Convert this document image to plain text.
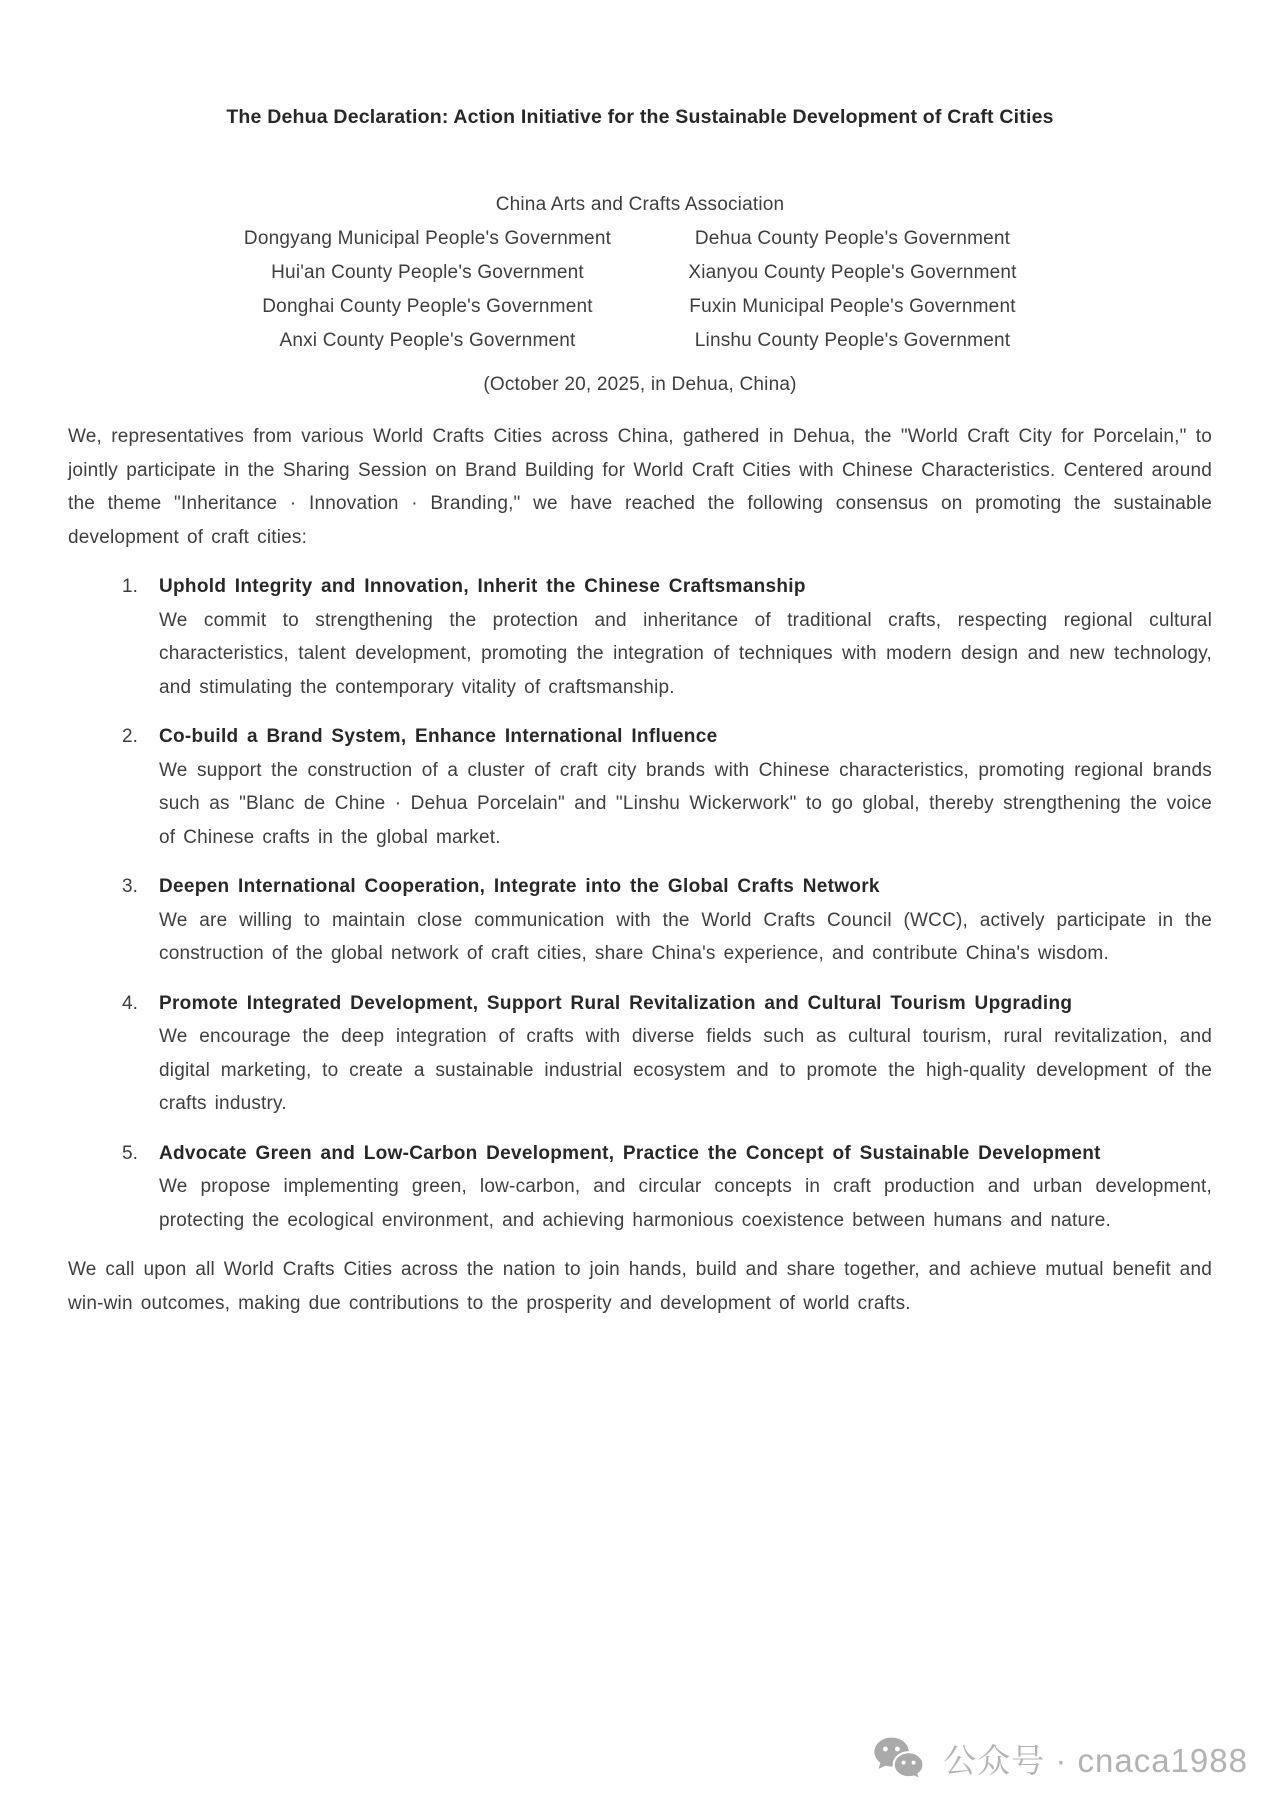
The Dehua Declaration: Action Initiative for the Sustainable Development of Craft Cities
China Arts and Crafts Association
Dongyang Municipal People's Government	Dehua County People's Government
Hui'an County People's Government	Xianyou County People's Government
Donghai County People's Government	Fuxin Municipal People's Government
Anxi County People's Government	Linshu County People's Government
(October 20, 2025, in Dehua, China)

We, representatives from various World Crafts Cities across China, gathered in Dehua, the "World Craft City for Porcelain," to jointly participate in the Sharing Session on Brand Building for World Craft Cities with Chinese Characteristics. Centered around the theme "Inheritance · Innovation · Branding," we have reached the following consensus on promoting the sustainable development of craft cities:

1.	Uphold Integrity and Innovation, Inherit the Chinese Craftsmanship
We commit to strengthening the protection and inheritance of traditional crafts, respecting regional cultural characteristics, talent development, promoting the integration of techniques with modern design and new technology, and stimulating the contemporary vitality of craftsmanship.
2.	Co-build a Brand System, Enhance International Influence
We support the construction of a cluster of craft city brands with Chinese characteristics, promoting regional brands such as "Blanc de Chine · Dehua Porcelain" and "Linshu Wickerwork" to go global, thereby strengthening the voice of Chinese crafts in the global market.
3.	Deepen International Cooperation, Integrate into the Global Crafts Network
We are willing to maintain close communication with the World Crafts Council (WCC), actively participate in the construction of the global network of craft cities, share China's experience, and contribute China's wisdom.
4.	Promote Integrated Development, Support Rural Revitalization and Cultural Tourism Upgrading
We encourage the deep integration of crafts with diverse fields such as cultural tourism, rural revitalization, and digital marketing, to create a sustainable industrial ecosystem and to promote the high-quality development of the crafts industry.
5.	Advocate Green and Low-Carbon Development, Practice the Concept of Sustainable Development
We propose implementing green, low-carbon, and circular concepts in craft production and urban development, protecting the ecological environment, and achieving harmonious coexistence between humans and nature.

We call upon all World Crafts Cities across the nation to join hands, build and share together, and achieve mutual benefit and win-win outcomes, making due contributions to the prosperity and development of world crafts.

公众号 · cnaca1988
